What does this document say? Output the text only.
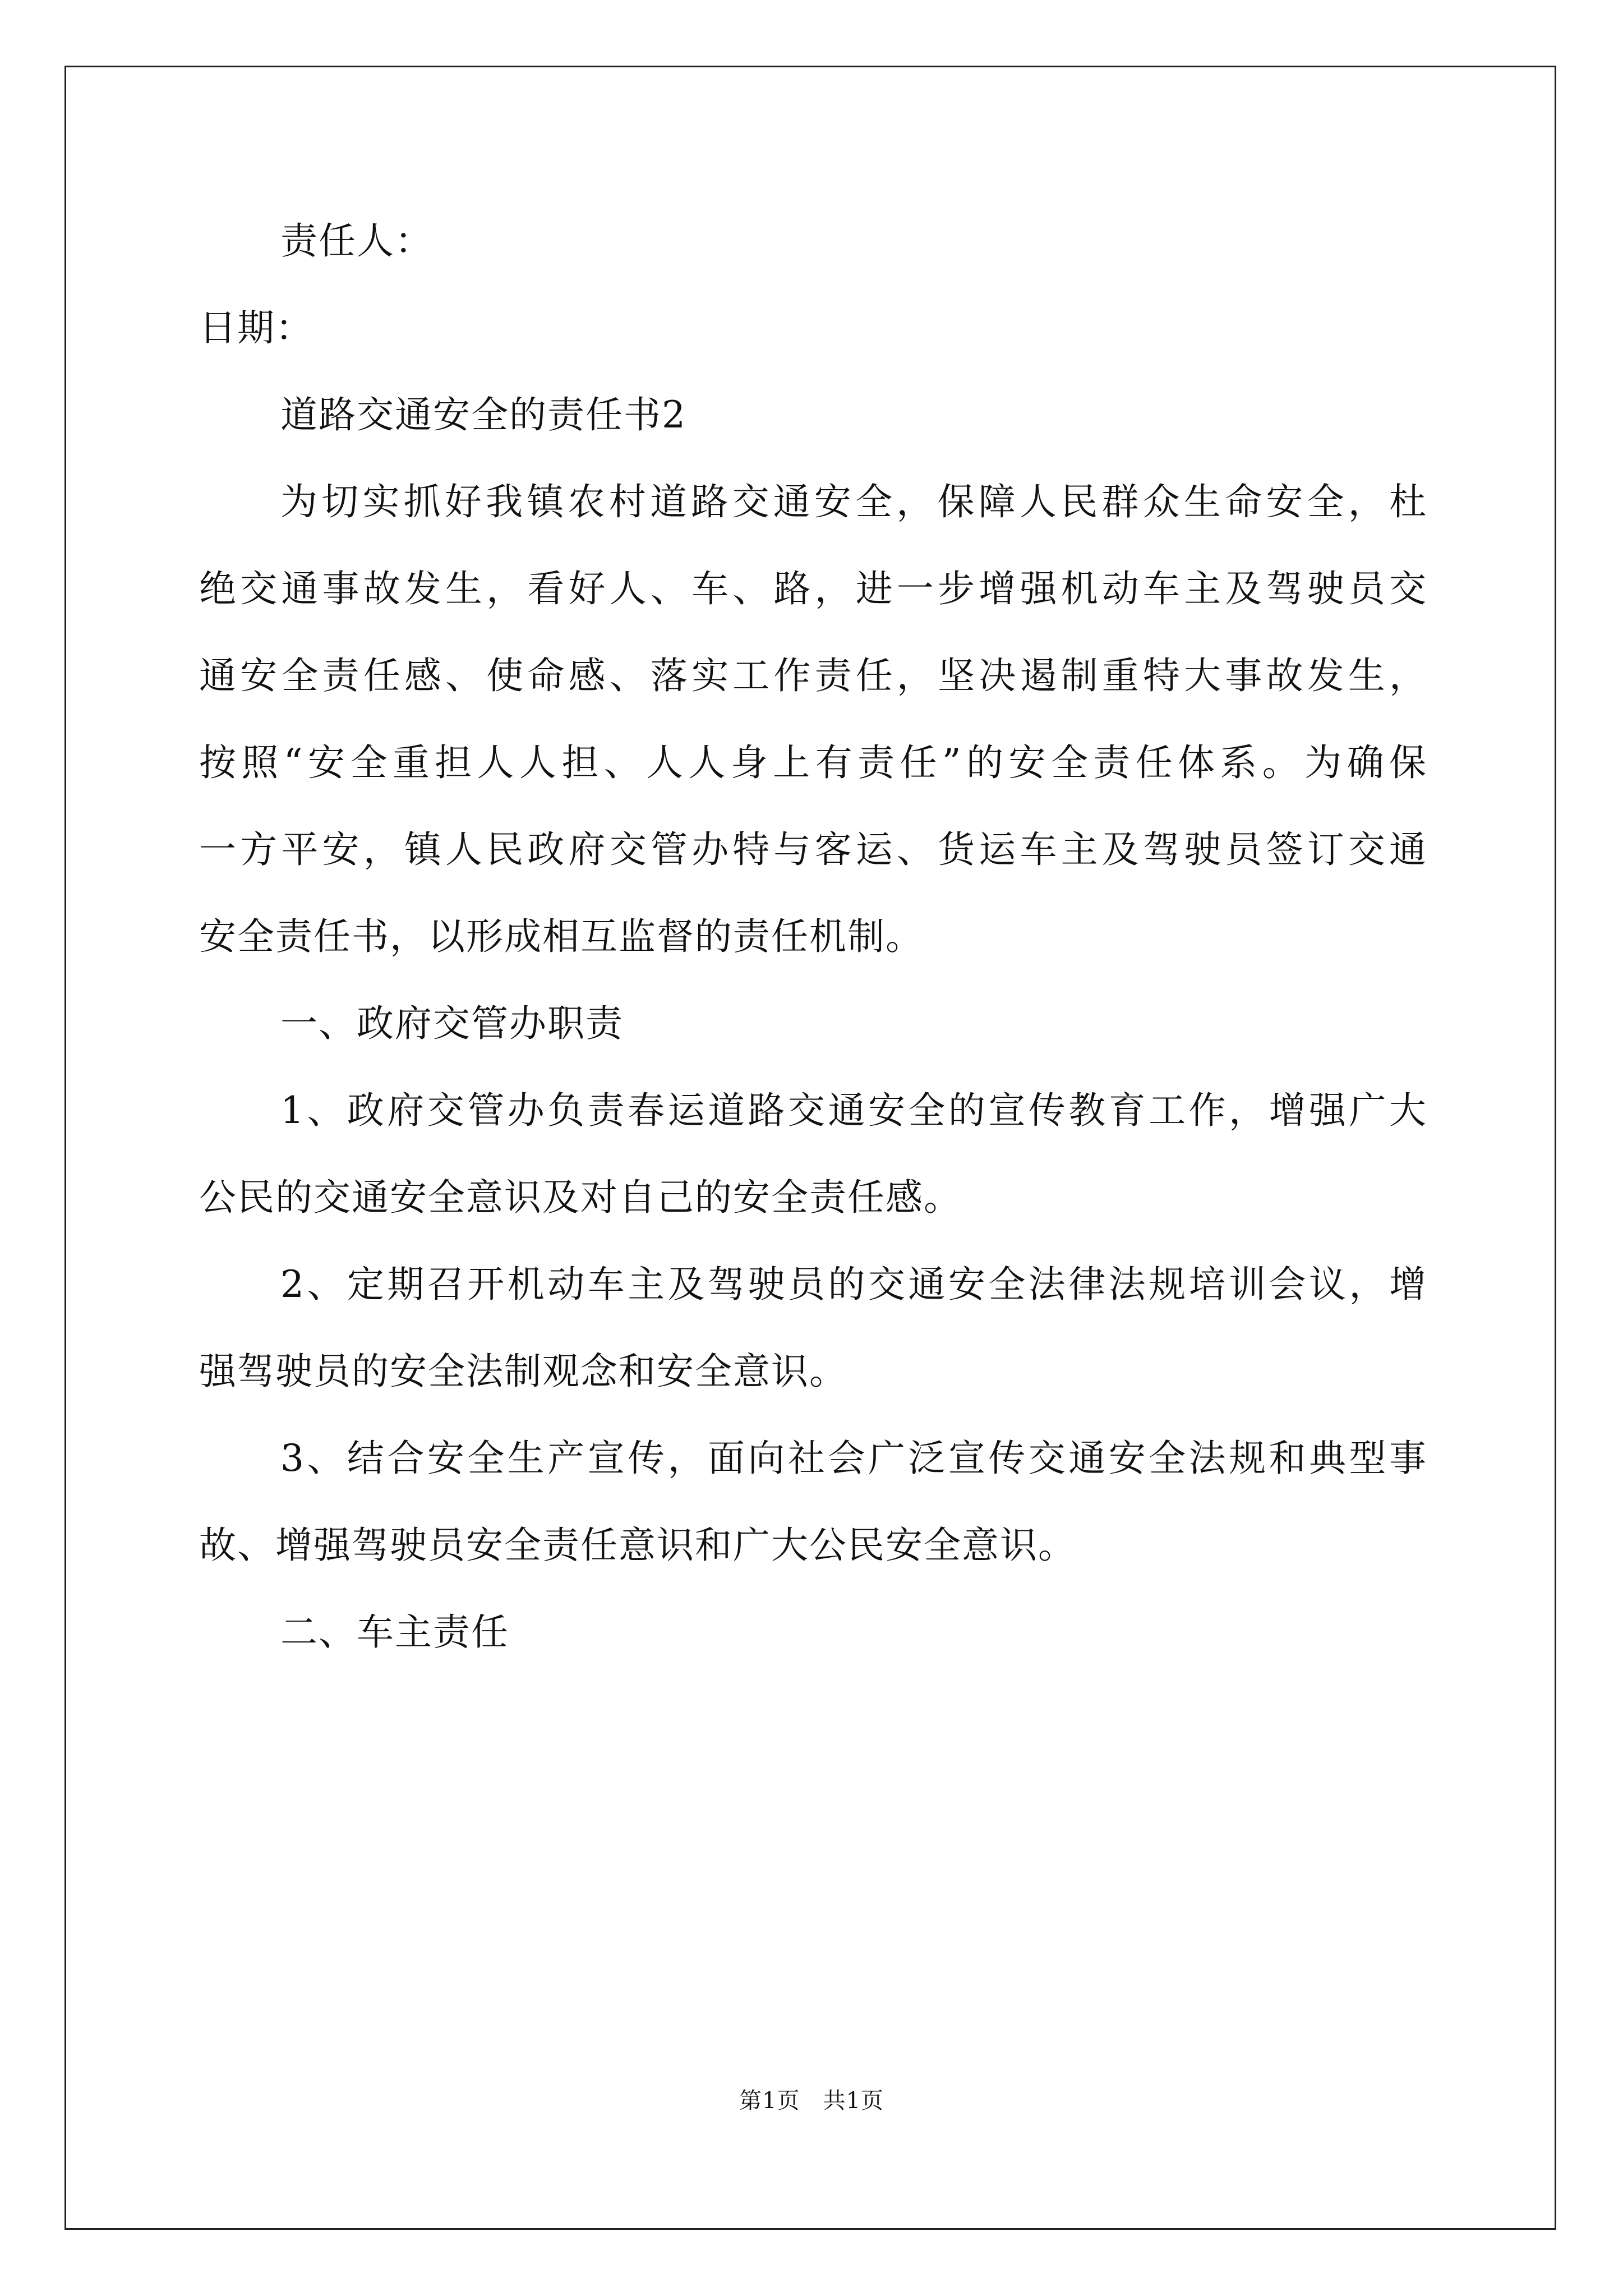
责任人：
日期：
道路交通安全的责任书2
为切实抓好我镇农村道路交通安全，保障人民群众生命安全，杜
绝交通事故发生，看好人、车、路，进一步增强机动车主及驾驶员交
通安全责任感、使命感、落实工作责任，坚决遏制重特大事故发生，
按照“安全重担人人担、人人身上有责任”的安全责任体系。为确保
一方平安，镇人民政府交管办特与客运、货运车主及驾驶员签订交通
安全责任书，以形成相互监督的责任机制。
一、政府交管办职责
1、政府交管办负责春运道路交通安全的宣传教育工作，增强广大
公民的交通安全意识及对自己的安全责任感。
2、定期召开机动车主及驾驶员的交通安全法律法规培训会议，增
强驾驶员的安全法制观念和安全意识。
3、结合安全生产宣传，面向社会广泛宣传交通安全法规和典型事
故、增强驾驶员安全责任意识和广大公民安全意识。
二、车主责任
第1页　共1页
